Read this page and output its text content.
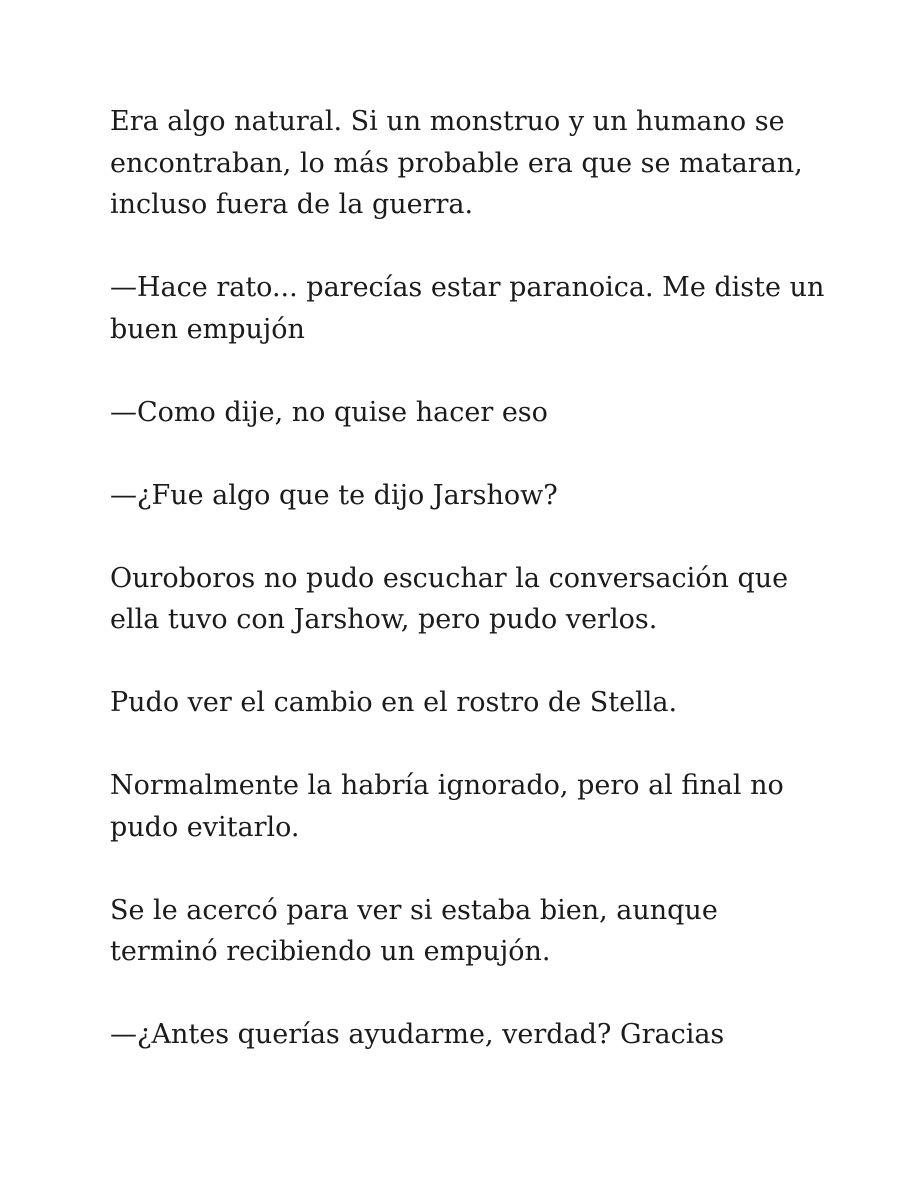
Era algo natural. Si un monstruo y un humano se encontraban, lo más probable era que se mataran, incluso fuera de la guerra.

—Hace rato... parecías estar paranoica. Me diste un buen empujón

—Como dije, no quise hacer eso

—¿Fue algo que te dijo Jarshow?

Ouroboros no pudo escuchar la conversación que ella tuvo con Jarshow, pero pudo verlos.

Pudo ver el cambio en el rostro de Stella.

Normalmente la habría ignorado, pero al final no pudo evitarlo.

Se le acercó para ver si estaba bien, aunque terminó recibiendo un empujón.

—¿Antes querías ayudarme, verdad? Gracias
